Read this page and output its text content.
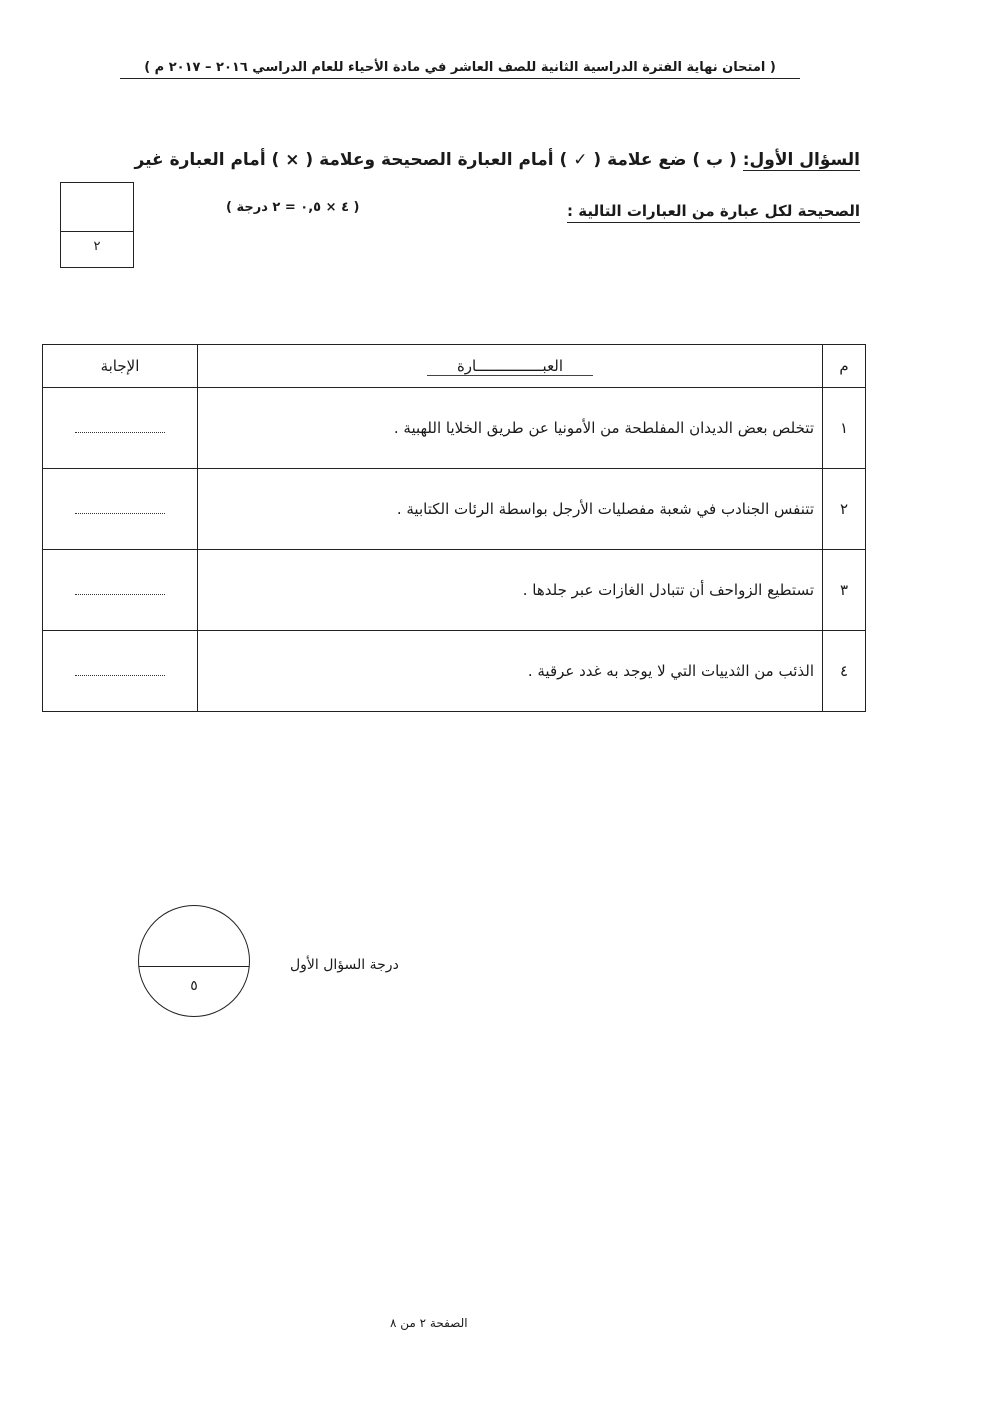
( امتحان نهاية الفترة الدراسية الثانية للصف العاشر في مادة الأحياء للعام الدراسي ٢٠١٦ – ٢٠١٧ م )
السؤال الأول: ( ب ) ضع علامة ( ✓ ) أمام العبارة الصحيحة وعلامة ( × ) أمام العبارة غير
الصحيحة لكل عبارة من العبارات التالية :
( ٤ × ٠,٥ = ٢ درجة )
٢
م	العبـــــــــــــــارة	الإجابة
١	تتخلص بعض الديدان المفلطحة من الأمونيا عن طريق الخلايا اللهبية .	
٢	تتنفس الجنادب في شعبة مفصليات الأرجل بواسطة الرئات الكتابية .	
٣	تستطيع الزواحف أن تتبادل الغازات عبر جلدها .	
٤	الذئب من الثدييات التي لا يوجد به غدد عرقية .	
٥
درجة السؤال الأول
الصفحة ٢ من ٨
